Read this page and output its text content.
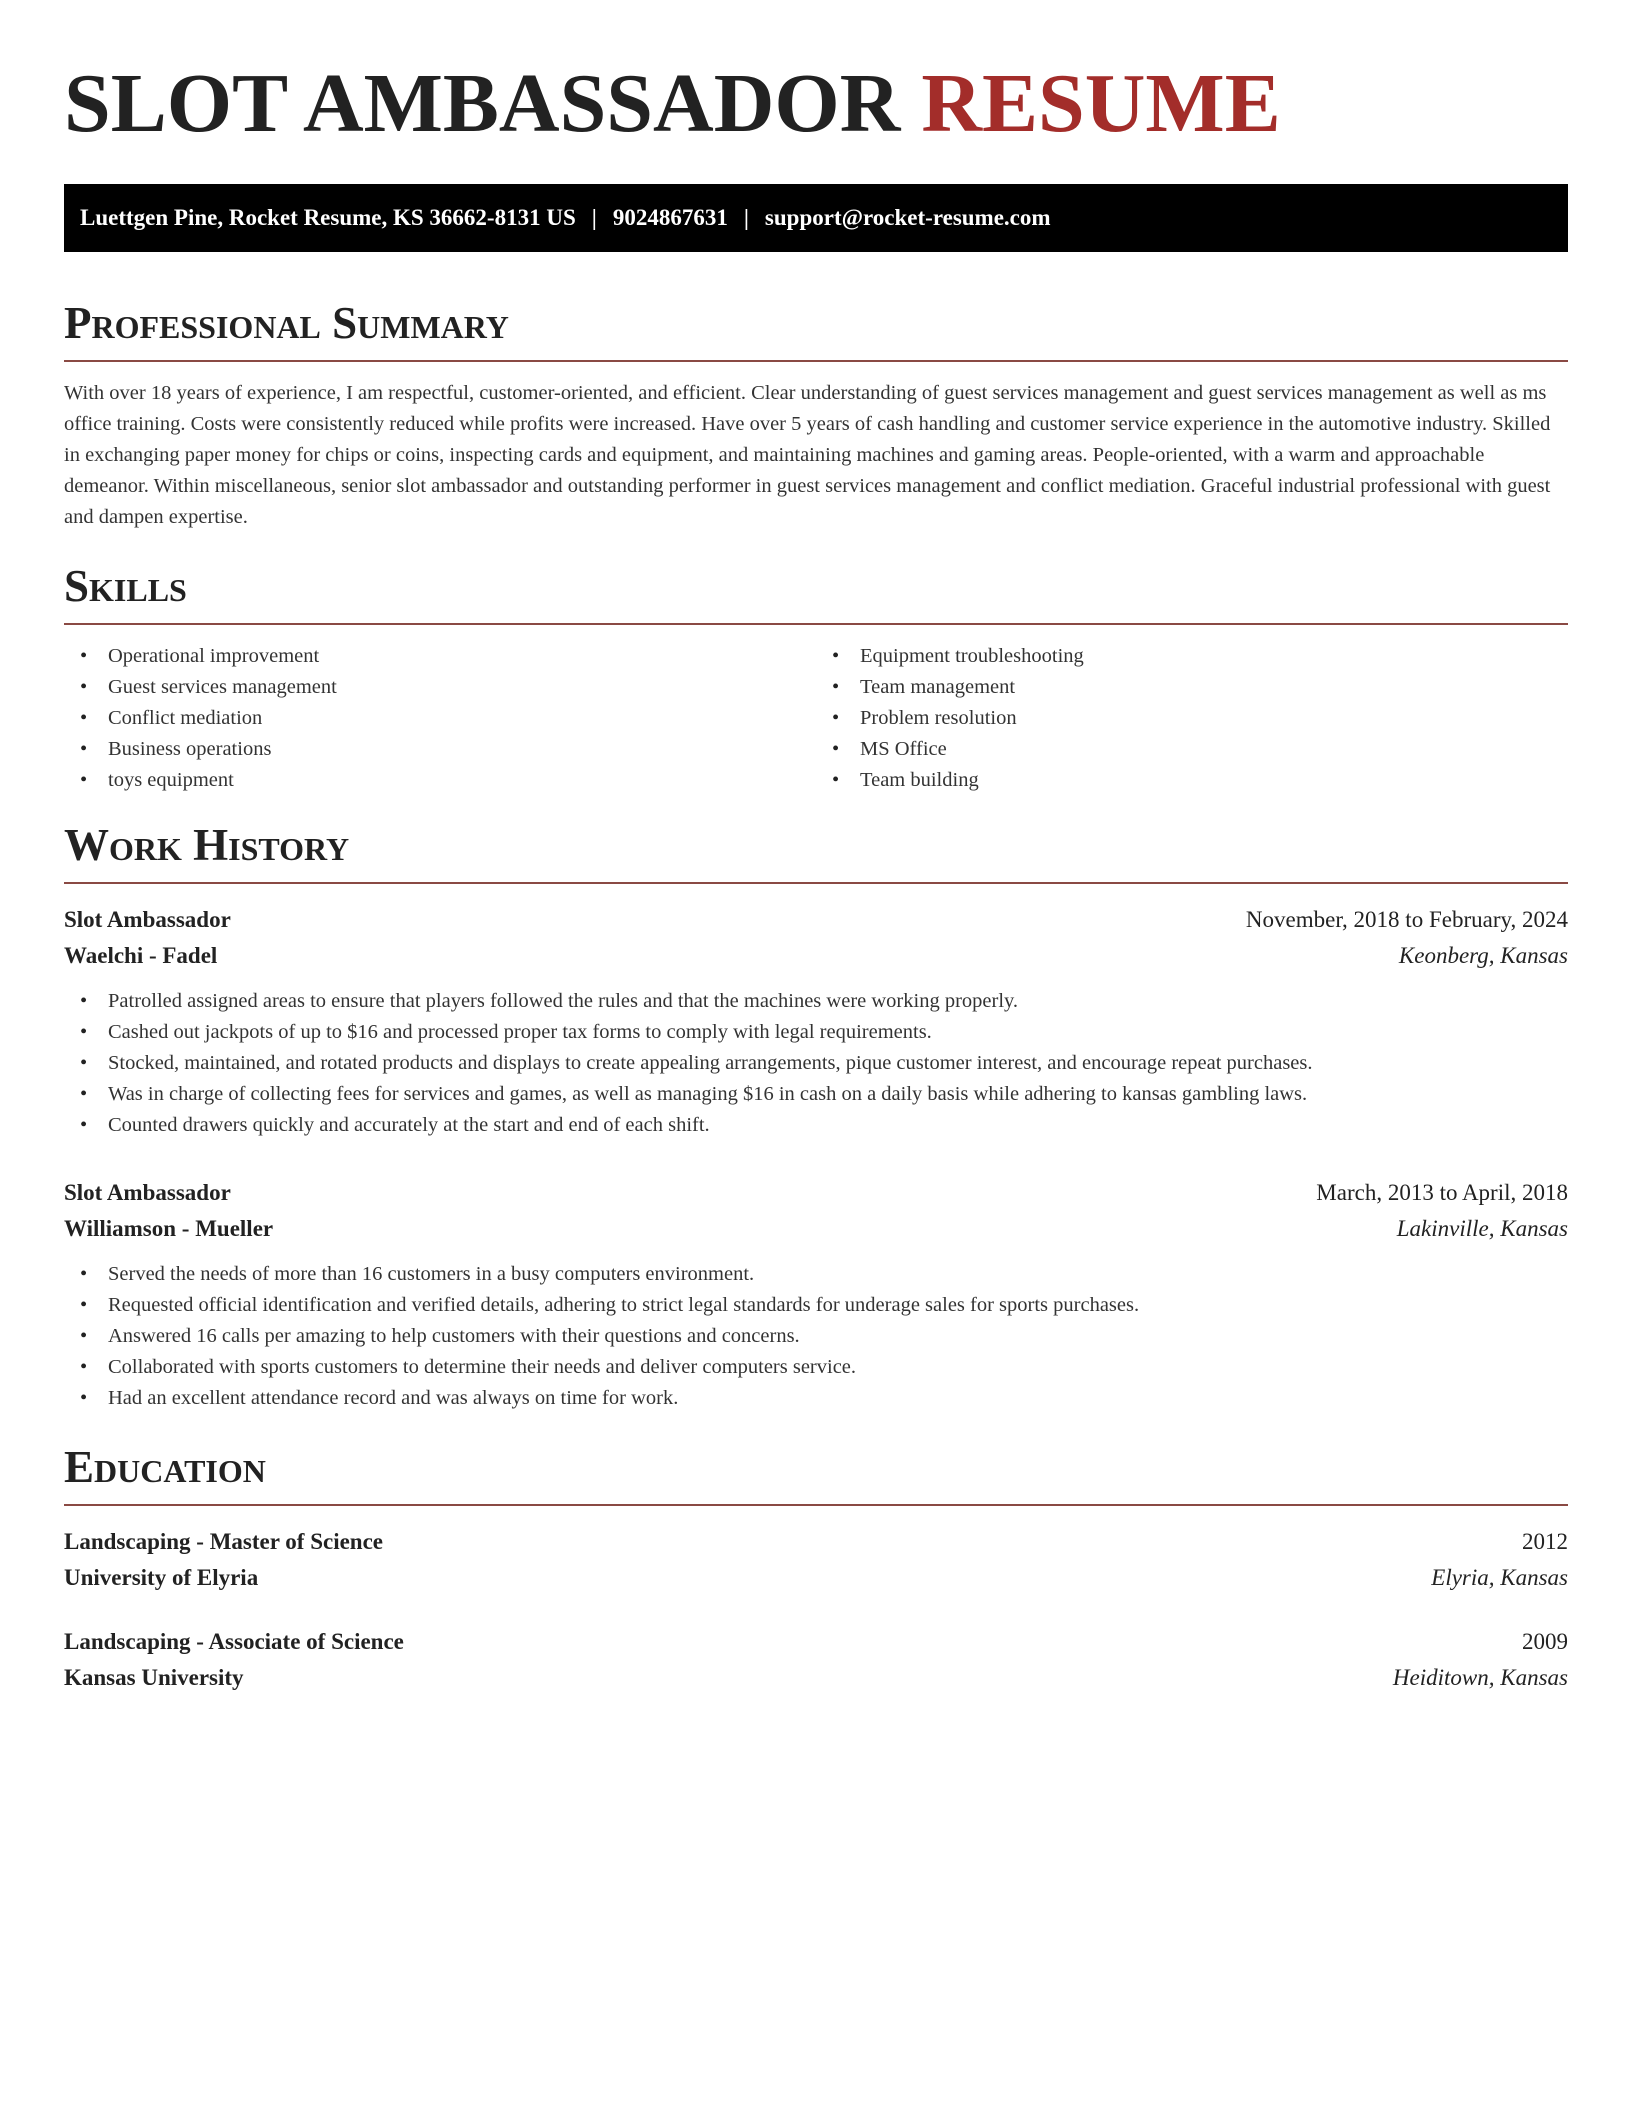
SLOT AMBASSADOR RESUME
Luettgen Pine, Rocket Resume, KS 36662-8131 US | 9024867631 | support@rocket-resume.com
Professional Summary

With over 18 years of experience, I am respectful, customer-oriented, and efficient. Clear understanding of guest services management and guest services management as well as ms office training. Costs were consistently reduced while profits were increased. Have over 5 years of cash handling and customer service experience in the automotive industry. Skilled in exchanging paper money for chips or coins, inspecting cards and equipment, and maintaining machines and gaming areas. People-oriented, with a warm and approachable demeanor. Within miscellaneous, senior slot ambassador and outstanding performer in guest services management and conflict mediation. Graceful industrial professional with guest and dampen expertise.

Skills
• Operational improvement
• Guest services management
• Conflict mediation
• Business operations
• toys equipment
• Equipment troubleshooting
• Team management
• Problem resolution
• MS Office
• Team building
Work History
Slot Ambassador	November, 2018 to February, 2024
Waelchi - Fadel	Keonberg, Kansas
• Patrolled assigned areas to ensure that players followed the rules and that the machines were working properly.
• Cashed out jackpots of up to $16 and processed proper tax forms to comply with legal requirements.
• Stocked, maintained, and rotated products and displays to create appealing arrangements, pique customer interest, and encourage repeat purchases.
• Was in charge of collecting fees for services and games, as well as managing $16 in cash on a daily basis while adhering to kansas gambling laws.
• Counted drawers quickly and accurately at the start and end of each shift.
Slot Ambassador	March, 2013 to April, 2018
Williamson - Mueller	Lakinville, Kansas
• Served the needs of more than 16 customers in a busy computers environment.
• Requested official identification and verified details, adhering to strict legal standards for underage sales for sports purchases.
• Answered 16 calls per amazing to help customers with their questions and concerns.
• Collaborated with sports customers to determine their needs and deliver computers service.
• Had an excellent attendance record and was always on time for work.
Education
Landscaping - Master of Science	2012
University of Elyria	Elyria, Kansas
Landscaping - Associate of Science	2009
Kansas University	Heiditown, Kansas
